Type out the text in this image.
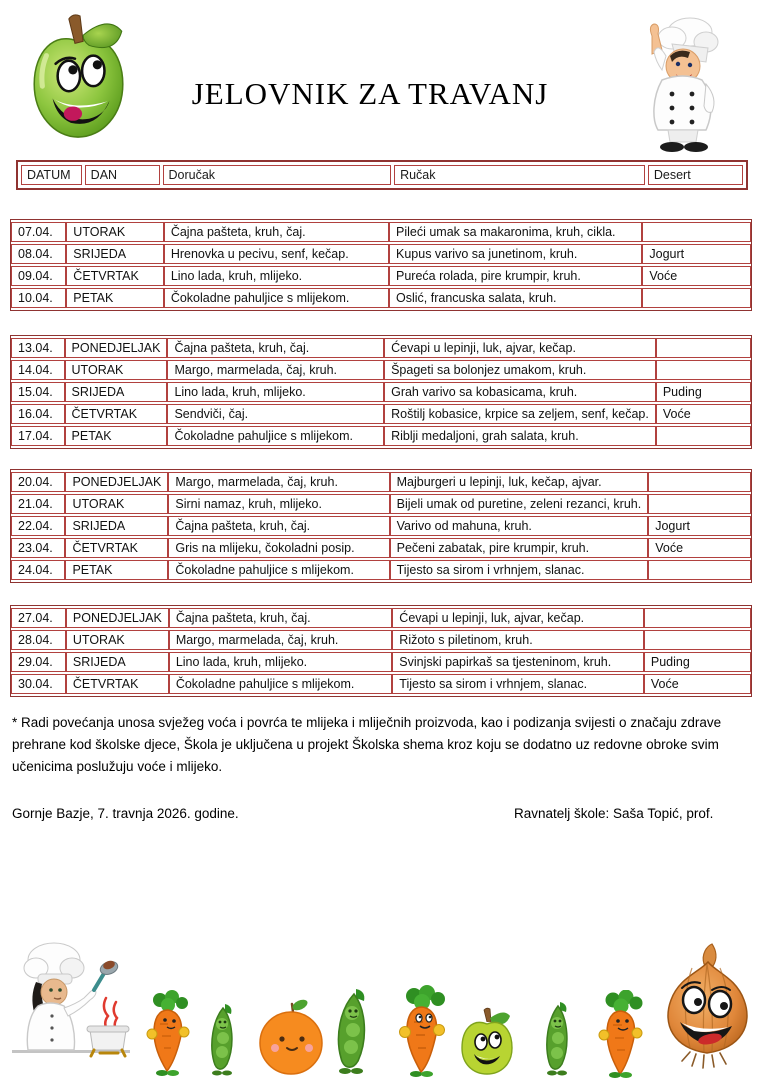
JELOVNIK ZA TRAVANJ
DATUM	DAN	Doručak	Ručak	Desert
07.04.	UTORAK	Čajna pašteta, kruh, čaj.	Pileći umak sa makaronima, kruh, cikla.	
08.04.	SRIJEDA	Hrenovka u pecivu, senf, kečap.	Kupus varivo sa junetinom, kruh.	Jogurt
09.04.	ČETVRTAK	Lino lada, kruh, mlijeko.	Pureća rolada, pire krumpir, kruh.	Voće
10.04.	PETAK	Čokoladne pahuljice s mlijekom.	Oslić, francuska salata, kruh.	
13.04.	PONEDJELJAK	Čajna pašteta, kruh, čaj.	Ćevapi u lepinji, luk, ajvar, kečap.	
14.04.	UTORAK	Margo, marmelada, čaj, kruh.	Špageti sa bolonjez umakom, kruh.	
15.04.	SRIJEDA	Lino lada, kruh, mlijeko.	Grah varivo sa kobasicama, kruh.	Puding
16.04.	ČETVRTAK	Sendviči, čaj.	Roštilj kobasice, krpice sa zeljem, senf, kečap.	Voće
17.04.	PETAK	Čokoladne pahuljice s mlijekom.	Riblji medaljoni, grah salata, kruh.	
20.04.	PONEDJELJAK	Margo, marmelada, čaj, kruh.	Majburgeri u lepinji, luk, kečap, ajvar.	
21.04.	UTORAK	Sirni namaz, kruh, mlijeko.	Bijeli umak od puretine, zeleni rezanci, kruh.	
22.04.	SRIJEDA	Čajna pašteta, kruh, čaj.	Varivo od mahuna, kruh.	Jogurt
23.04.	ČETVRTAK	Gris na mlijeku, čokoladni posip.	Pečeni zabatak, pire krumpir, kruh.	Voće
24.04.	PETAK	Čokoladne pahuljice s mlijekom.	Tijesto sa sirom i vrhnjem, slanac.	
27.04.	PONEDJELJAK	Čajna pašteta, kruh, čaj.	Ćevapi u lepinji, luk, ajvar, kečap.	
28.04.	UTORAK	Margo, marmelada, čaj, kruh.	Rižoto s piletinom, kruh.	
29.04.	SRIJEDA	Lino lada, kruh, mlijeko.	Svinjski papirkaš sa tjesteninom, kruh.	Puding
30.04.	ČETVRTAK	Čokoladne pahuljice s mlijekom.	Tijesto sa sirom i vrhnjem, slanac.	Voće
* Radi povećanja unosa svježeg voća i povrća te mlijeka i mliječnih proizvoda, kao i podizanja svijesti o značaju zdrave prehrane kod školske djece, Škola je uključena u projekt Školska shema kroz koju se dodatno uz redovne obroke svim učenicima poslužuju voće i mlijeko.
Gornje Bazje, 7. travnja 2026. godine.	Ravnatelj škole: Saša Topić, prof.
